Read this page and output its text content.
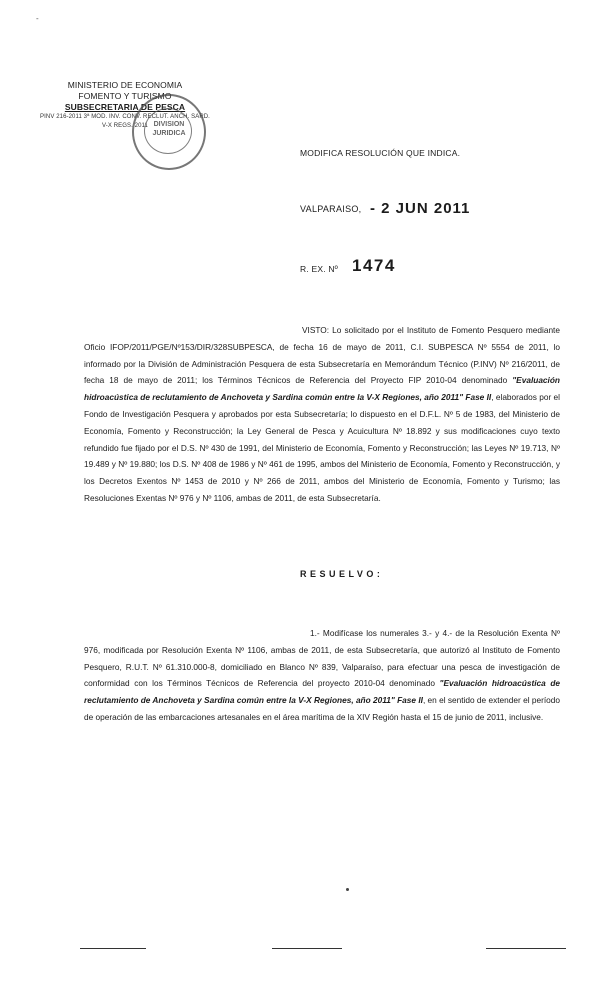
-
MINISTERIO DE ECONOMIA
FOMENTO Y TURISMO
SUBSECRETARIA DE PESCA
PINV 216-2011 3ª MOD. INV. CONV. RECLUT. ANCH. SARD.
V-X REGS. 2011 DIVISION
JURIDICA
MODIFICA RESOLUCIÓN QUE INDICA.
VALPARAISO, - 2 JUN 2011
R. EX. Nº 1474
VISTO: Lo solicitado por el Instituto de Fomento Pesquero mediante Oficio IFOP/2011/PGE/Nº153/DIR/328SUBPESCA, de fecha 16 de mayo de 2011, C.I. SUBPESCA Nº 5554 de 2011, lo informado por la División de Administración Pesquera de esta Subsecretaría en Memorándum Técnico (P.INV) Nº 216/2011, de fecha 18 de mayo de 2011; los Términos Técnicos de Referencia del Proyecto FIP 2010-04 denominado "Evaluación hidroacústica de reclutamiento de Anchoveta y Sardina común entre la V-X Regiones, año 2011" Fase II, elaborados por el Fondo de Investigación Pesquera y aprobados por esta Subsecretaría; lo dispuesto en el D.F.L. Nº 5 de 1983, del Ministerio de Economía, Fomento y Reconstrucción; la Ley General de Pesca y Acuicultura Nº 18.892 y sus modificaciones cuyo texto refundido fue fijado por el D.S. Nº 430 de 1991, del Ministerio de Economía, Fomento y Reconstrucción; las Leyes Nº 19.713, Nº 19.489 y Nº 19.880; los D.S. Nº 408 de 1986 y Nº 461 de 1995, ambos del Ministerio de Economía, Fomento y Reconstrucción, y los Decretos Exentos Nº 1453 de 2010 y Nº 266 de 2011, ambos del Ministerio de Economía, Fomento y Turismo; las Resoluciones Exentas Nº 976 y Nº 1106, ambas de 2011, de esta Subsecretaría.
RESUELVO:
1.- Modifícase los numerales 3.- y 4.- de la Resolución Exenta Nº 976, modificada por Resolución Exenta Nº 1106, ambas de 2011, de esta Subsecretaría, que autorizó al Instituto de Fomento Pesquero, R.U.T. Nº 61.310.000-8, domiciliado en Blanco Nº 839, Valparaíso, para efectuar una pesca de investigación de conformidad con los Términos Técnicos de Referencia del proyecto 2010-04 denominado "Evaluación hidroacústica de reclutamiento de Anchoveta y Sardina común entre la V-X Regiones, año 2011" Fase II, en el sentido de extender el período de operación de las embarcaciones artesanales en el área marítima de la XIV Región hasta el 15 de junio de 2011, inclusive.
